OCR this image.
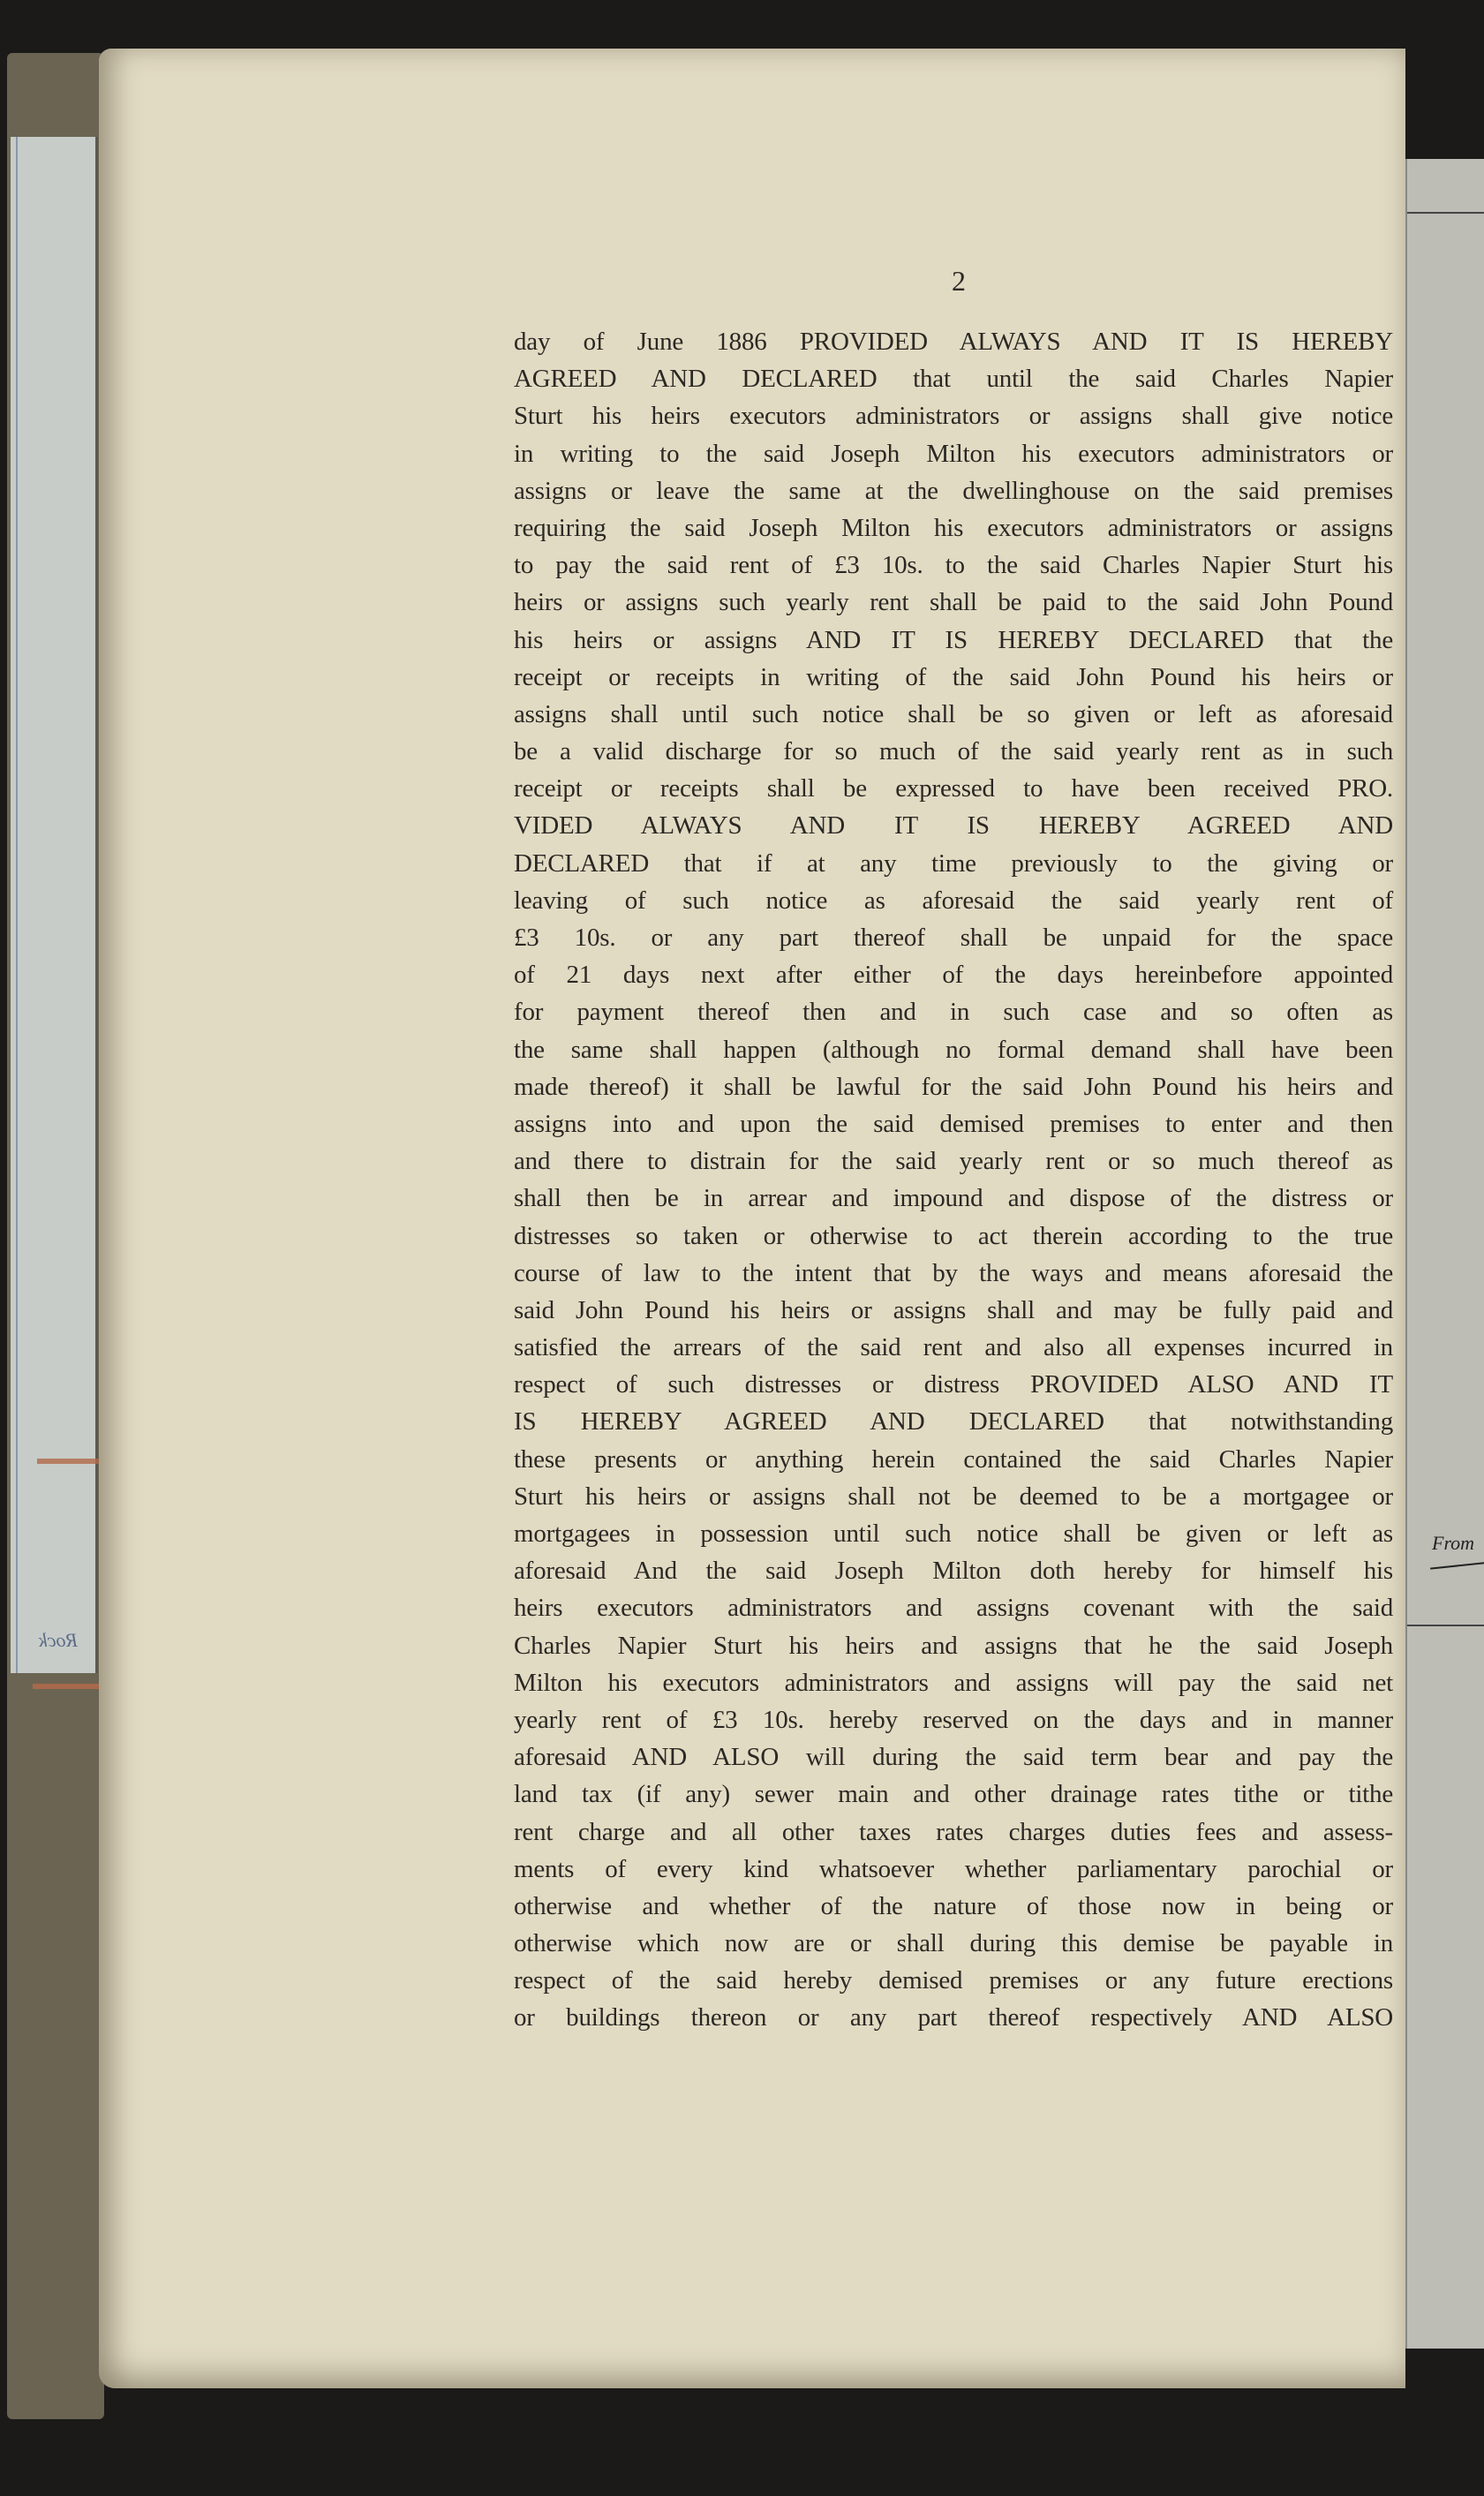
Rock
From
2
day of June 1886 PROVIDED ALWAYS AND IT IS HEREBY
AGREED AND DECLARED that until the said Charles Napier
Sturt his heirs executors administrators or assigns shall give notice
in writing to the said Joseph Milton his executors administrators or
assigns or leave the same at the dwellinghouse on the said premises
requiring the said Joseph Milton his executors administrators or assigns
to pay the said rent of £3 10s. to the said Charles Napier Sturt his
heirs or assigns such yearly rent shall be paid to the said John Pound
his heirs or assigns AND IT IS HEREBY DECLARED that the
receipt or receipts in writing of the said John Pound his heirs or
assigns shall until such notice shall be so given or left as aforesaid
be a valid discharge for so much of the said yearly rent as in such
receipt or receipts shall be expressed to have been received PRO.
VIDED ALWAYS AND IT IS HEREBY AGREED AND
DECLARED that if at any time previously to the giving or
leaving of such notice as aforesaid the said yearly rent of
£3 10s. or any part thereof shall be unpaid for the space
of 21 days next after either of the days hereinbefore appointed
for payment thereof then and in such case and so often as
the same shall happen (although no formal demand shall have been
made thereof) it shall be lawful for the said John Pound his heirs and
assigns into and upon the said demised premises to enter and then
and there to distrain for the said yearly rent or so much thereof as
shall then be in arrear and impound and dispose of the distress or
distresses so taken or otherwise to act therein according to the true
course of law to the intent that by the ways and means aforesaid the
said John Pound his heirs or assigns shall and may be fully paid and
satisfied the arrears of the said rent and also all expenses incurred in
respect of such distresses or distress PROVIDED ALSO AND IT
IS HEREBY AGREED AND DECLARED that notwithstanding
these presents or anything herein contained the said Charles Napier
Sturt his heirs or assigns shall not be deemed to be a mortgagee or
mortgagees in possession until such notice shall be given or left as
aforesaid And the said Joseph Milton doth hereby for himself his
heirs executors administrators and assigns covenant with the said
Charles Napier Sturt his heirs and assigns that he the said Joseph
Milton his executors administrators and assigns will pay the said net
yearly rent of £3 10s. hereby reserved on the days and in manner
aforesaid AND ALSO will during the said term bear and pay the
land tax (if any) sewer main and other drainage rates tithe or tithe
rent charge and all other taxes rates charges duties fees and assess-
ments of every kind whatsoever whether parliamentary parochial or
otherwise and whether of the nature of those now in being or
otherwise which now are or shall during this demise be payable in
respect of the said hereby demised premises or any future erections
or buildings thereon or any part thereof respectively AND ALSO
